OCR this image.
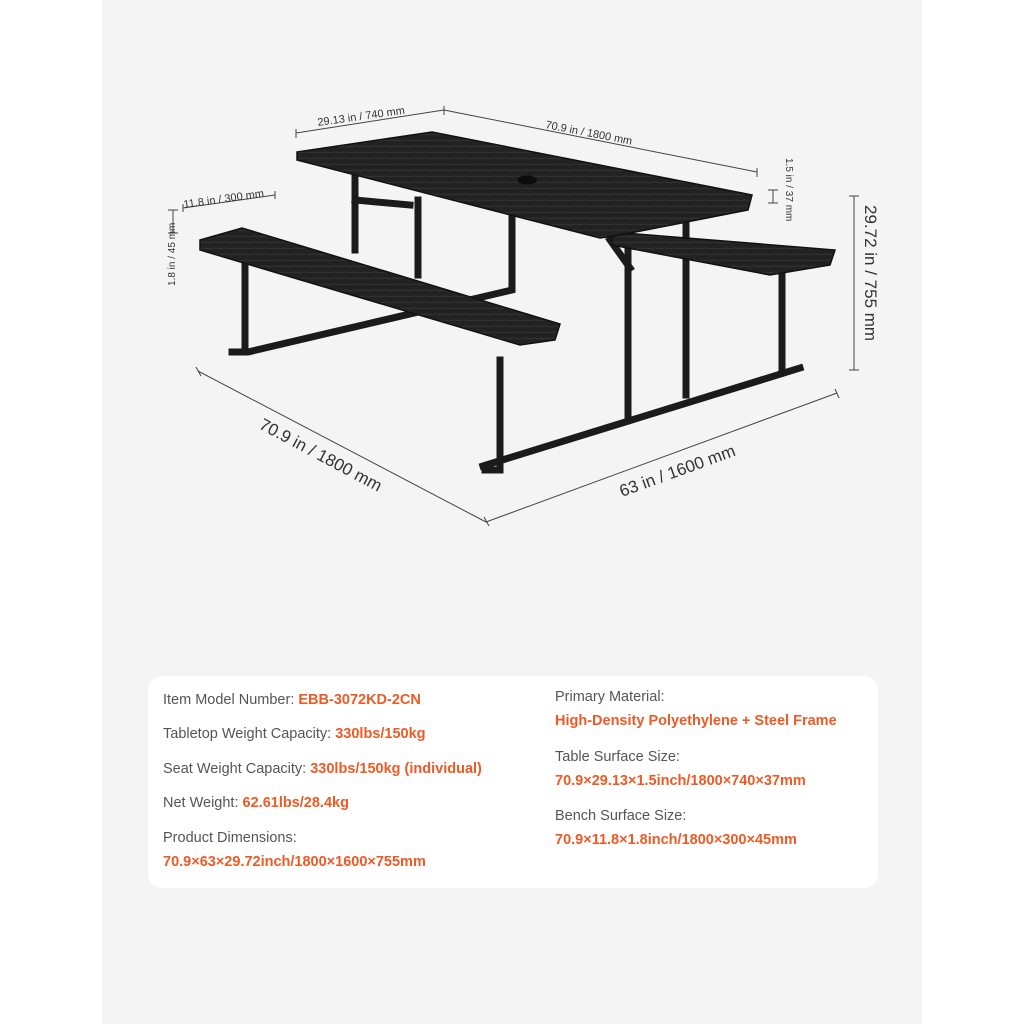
29.13 in / 740 mm
70.9 in / 1800 mm
1.5 in / 37 mm
11.8 in / 300 mm
1.8 in / 45 mm	29.72 in / 755 mm
70.9 in / 1800 mm	63 in / 1600 mm
Item Model Number: EBB-3072KD-2CN
Tabletop Weight Capacity: 330lbs/150kg
Seat Weight Capacity: 330lbs/150kg (individual)
Net Weight: 62.61lbs/28.4kg
Product Dimensions:
70.9×63×29.72inch/1800×1600×755mm
Primary Material:
High-Density Polyethylene + Steel Frame
Table Surface Size:
70.9×29.13×1.5inch/1800×740×37mm
Bench Surface Size:
70.9×11.8×1.8inch/1800×300×45mm
